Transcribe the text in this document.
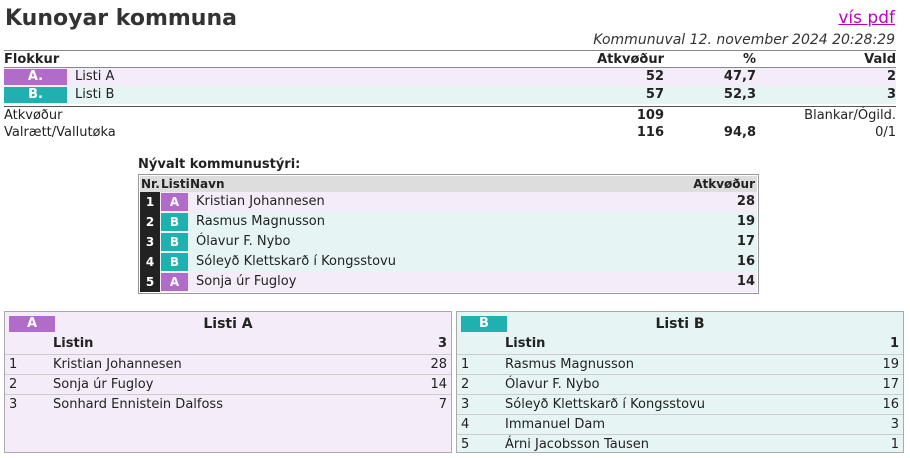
Kunoyar kommuna	vís pdf
Kommunuval 12. november 2024 20:28:29
Flokkur	Atkvøður	%	Vald
A.	Listi A	52	47,7	2
B.	Listi B	57	52,3	3
Atkvøður	109	Blankar/Ógild.
Valrætt/Vallutøka	116	94,8	0/1
Nývalt kommunustýri:
Nr. Listi Navn	Atkvøður
1	A	Kristian Johannesen	28
2	B	Rasmus Magnusson	19
3	B	Ólavur F. Nybo	17
4	B	Sóleyð Klettskarð í Kongsstovu	16
5	A	Sonja úr Fugloy	14
A	Listi A
Listin	3
1	Kristian Johannesen	28
2	Sonja úr Fugloy	14
3	Sonhard Ennistein Dalfoss	7
B	Listi B
Listin	1
1	Rasmus Magnusson	19
2	Ólavur F. Nybo	17
3	Sóleyð Klettskarð í Kongsstovu	16
4	Immanuel Dam	3
5	Árni Jacobsson Tausen	1
